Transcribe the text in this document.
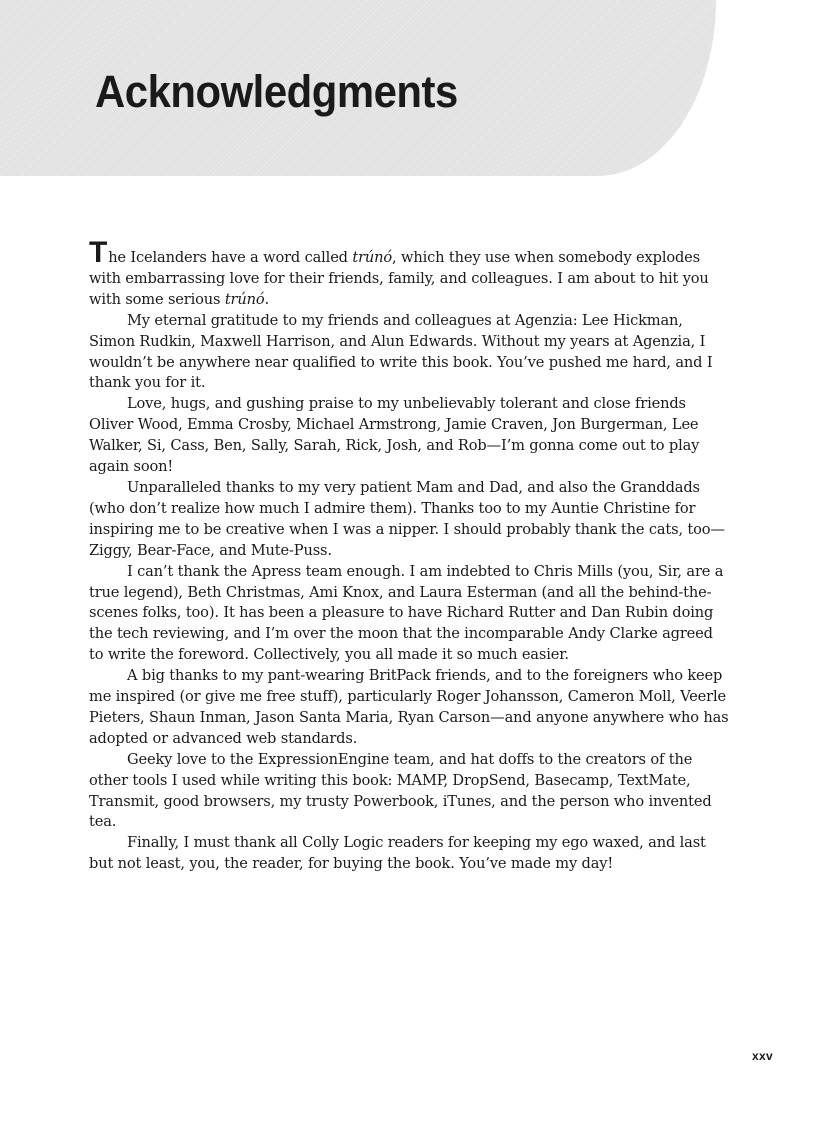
Acknowledgments

The Icelanders have a word called trúnó, which they use when somebody explodes with embarrassing love for their friends, family, and colleagues. I am about to hit you with some serious trúnó.

My eternal gratitude to my friends and colleagues at Agenzia: Lee Hickman, Simon Rudkin, Maxwell Harrison, and Alun Edwards. Without my years at Agenzia, I wouldn’t be anywhere near qualified to write this book. You’ve pushed me hard, and I thank you for it.

Love, hugs, and gushing praise to my unbelievably tolerant and close friends Oliver Wood, Emma Crosby, Michael Armstrong, Jamie Craven, Jon Burgerman, Lee Walker, Si, Cass, Ben, Sally, Sarah, Rick, Josh, and Rob—I’m gonna come out to play again soon!

Unparalleled thanks to my very patient Mam and Dad, and also the Granddads (who don’t realize how much I admire them). Thanks too to my Auntie Christine for inspiring me to be creative when I was a nipper. I should probably thank the cats, too—Ziggy, Bear-Face, and Mute-Puss.

I can’t thank the Apress team enough. I am indebted to Chris Mills (you, Sir, are a true legend), Beth Christmas, Ami Knox, and Laura Esterman (and all the behind-the-scenes folks, too). It has been a pleasure to have Richard Rutter and Dan Rubin doing the tech reviewing, and I’m over the moon that the incomparable Andy Clarke agreed to write the foreword. Collectively, you all made it so much easier.

A big thanks to my pant-wearing BritPack friends, and to the foreigners who keep me inspired (or give me free stuff), particularly Roger Johansson, Cameron Moll, Veerle Pieters, Shaun Inman, Jason Santa Maria, Ryan Carson—and anyone anywhere who has adopted or advanced web standards.

Geeky love to the ExpressionEngine team, and hat doffs to the creators of the other tools I used while writing this book: MAMP, DropSend, Basecamp, TextMate, Transmit, good browsers, my trusty Powerbook, iTunes, and the person who invented tea.

Finally, I must thank all Colly Logic readers for keeping my ego waxed, and last but not least, you, the reader, for buying the book. You’ve made my day!

xxv
